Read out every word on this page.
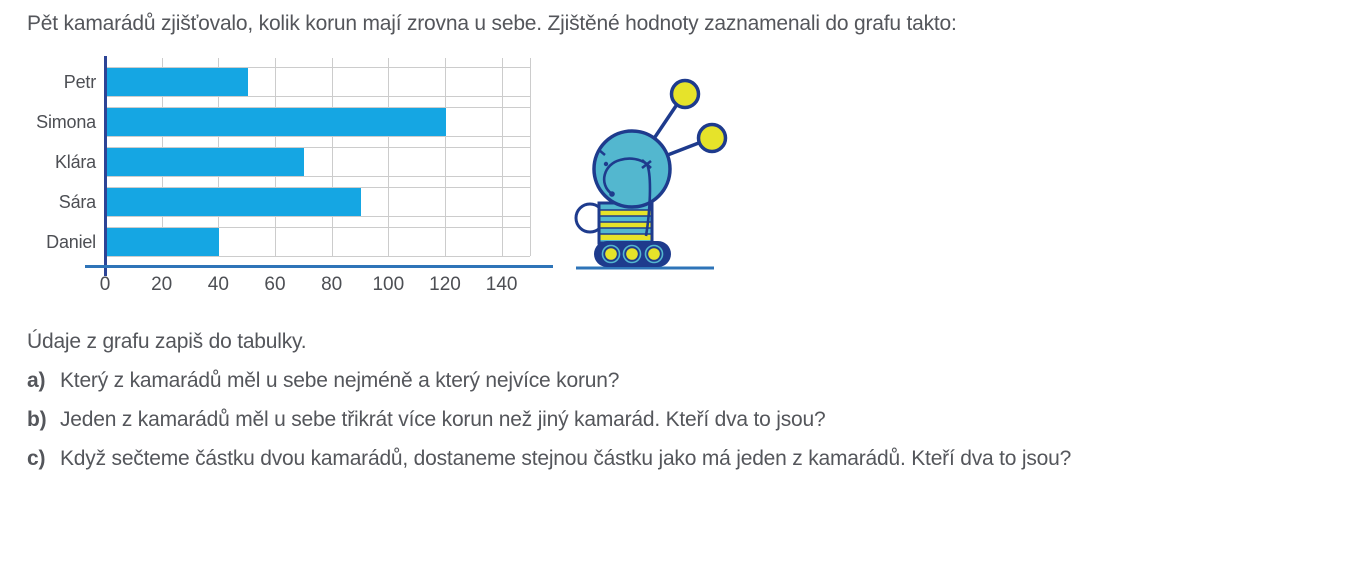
Pět kamarádů zjišťovalo, kolik korun mají zrovna u sebe. Zjištěné hodnoty zaznamenali do grafu takto:
Petr
Simona
Klára
Sára
Daniel
0	20	40	60	80	100	120	140
Údaje z grafu zapiš do tabulky.
a) Který z kamarádů měl u sebe nejméně a který nejvíce korun?
b) Jeden z kamarádů měl u sebe třikrát více korun než jiný kamarád. Kteří dva to jsou?
c) Když sečteme částku dvou kamarádů, dostaneme stejnou částku jako má jeden z kamarádů. Kteří dva to jsou?
